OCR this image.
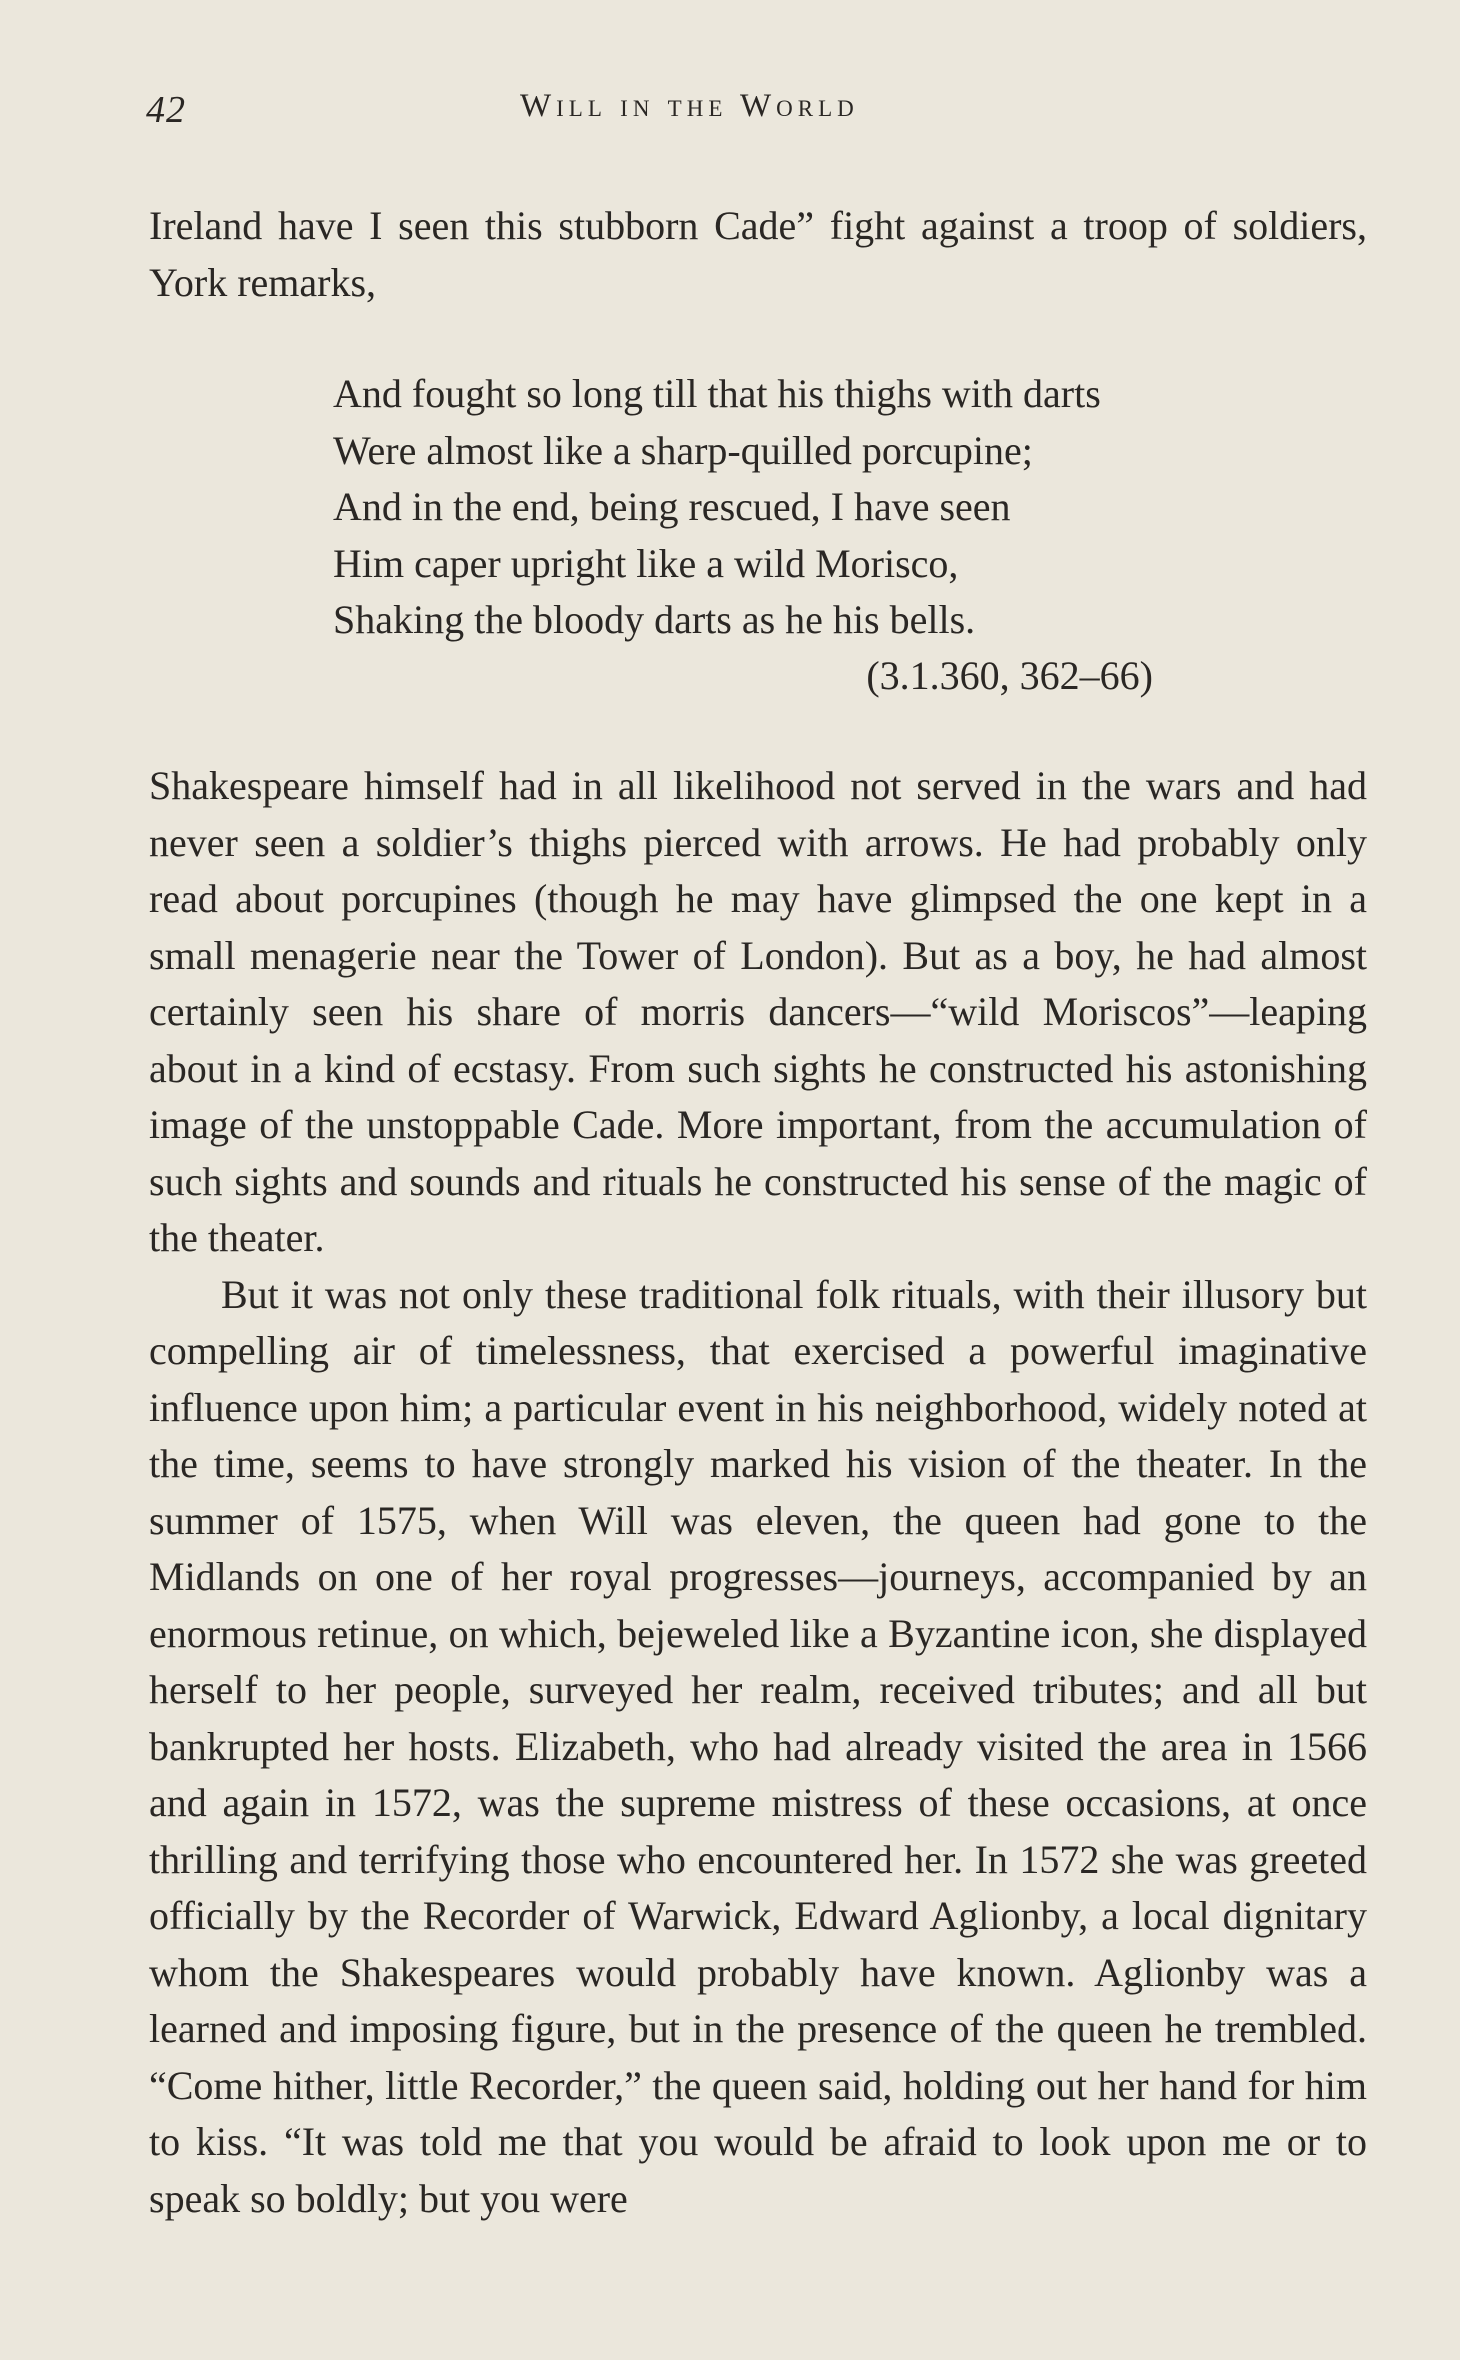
42	Will in the World

Ireland have I seen this stubborn Cade” fight against a troop of soldiers, York remarks,

And fought so long till that his thighs with darts
Were almost like a sharp-quilled porcupine;
And in the end, being rescued, I have seen
Him caper upright like a wild Morisco,
Shaking the bloody darts as he his bells.
(3.1.360, 362–66)

Shakespeare himself had in all likelihood not served in the wars and had never seen a soldier’s thighs pierced with arrows. He had probably only read about porcupines (though he may have glimpsed the one kept in a small menagerie near the Tower of London). But as a boy, he had almost certainly seen his share of morris dancers—“wild Moriscos”—leaping about in a kind of ecstasy. From such sights he constructed his astonishing image of the unstoppable Cade. More important, from the accumulation of such sights and sounds and rituals he constructed his sense of the magic of the theater.

But it was not only these traditional folk rituals, with their illusory but compelling air of timelessness, that exercised a powerful imaginative influence upon him; a particular event in his neighborhood, widely noted at the time, seems to have strongly marked his vision of the theater. In the summer of 1575, when Will was eleven, the queen had gone to the Midlands on one of her royal progresses—journeys, accompanied by an enormous retinue, on which, bejeweled like a Byzantine icon, she displayed herself to her people, surveyed her realm, received tributes; and all but bankrupted her hosts. Elizabeth, who had already visited the area in 1566 and again in 1572, was the supreme mistress of these occasions, at once thrilling and terrifying those who encountered her. In 1572 she was greeted officially by the Recorder of Warwick, Edward Aglionby, a local dignitary whom the Shakespeares would probably have known. Aglionby was a learned and imposing figure, but in the presence of the queen he trembled. “Come hither, little Recorder,” the queen said, holding out her hand for him to kiss. “It was told me that you would be afraid to look upon me or to speak so boldly; but you were
